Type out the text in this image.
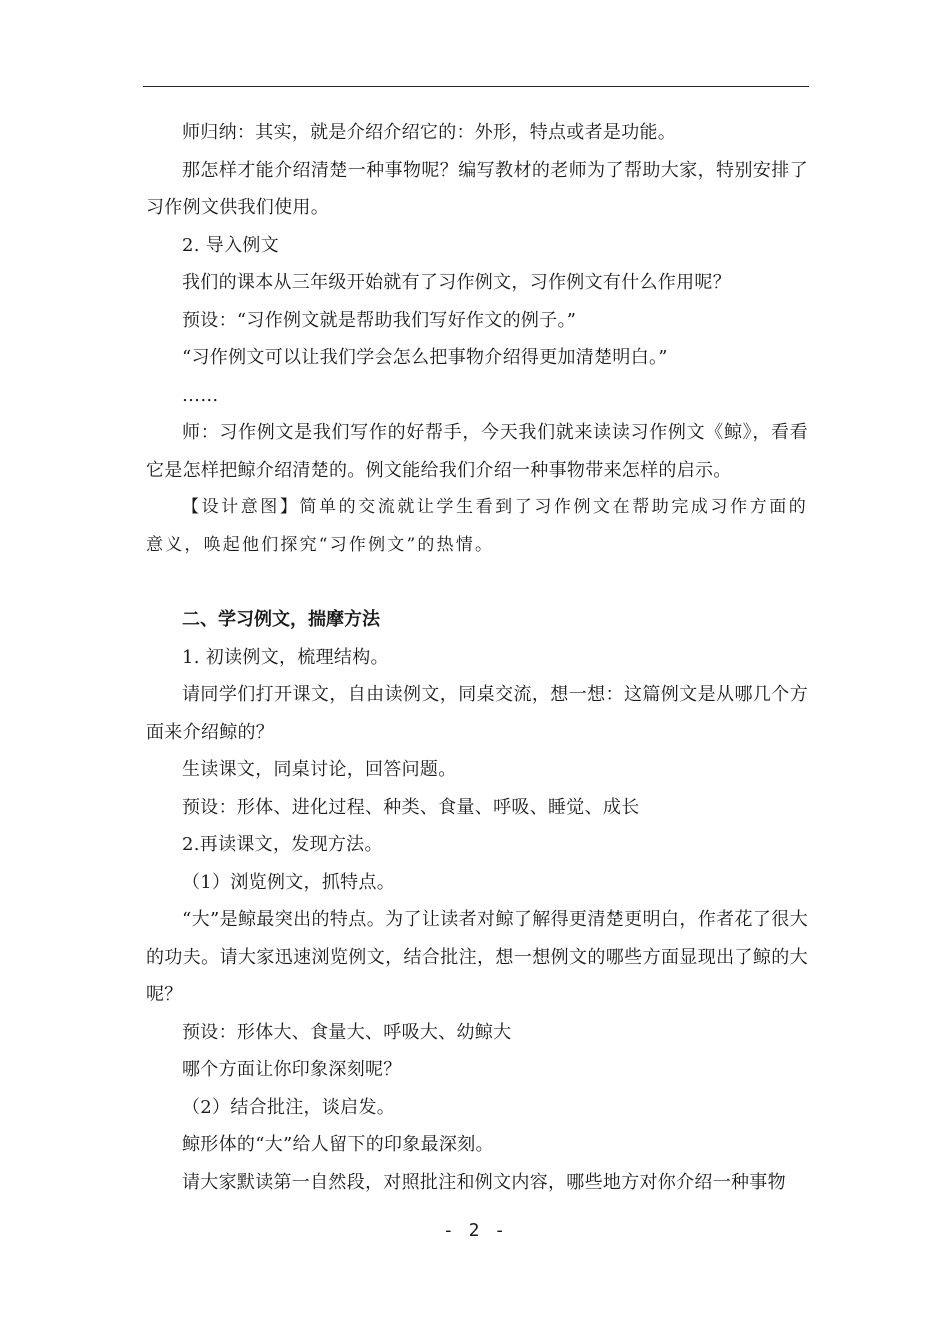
师归纳：其实，就是介绍介绍它的：外形，特点或者是功能。

那怎样才能介绍清楚一种事物呢？编写教材的老师为了帮助大家，特别安排了习作例文供我们使用。

2. 导入例文

我们的课本从三年级开始就有了习作例文，习作例文有什么作用呢？

预设：“习作例文就是帮助我们写好作文的例子。”

“习作例文可以让我们学会怎么把事物介绍得更加清楚明白。”

……

师：习作例文是我们写作的好帮手，今天我们就来读读习作例文《鲸》，看看它是怎样把鲸介绍清楚的。例文能给我们介绍一种事物带来怎样的启示。

【设计意图】简单的交流就让学生看到了习作例文在帮助完成习作方面的意义，唤起他们探究“习作例文”的热情。

二、学习例文，揣摩方法

1. 初读例文，梳理结构。

请同学们打开课文，自由读例文，同桌交流，想一想：这篇例文是从哪几个方面来介绍鲸的？

生读课文，同桌讨论，回答问题。

预设：形体、进化过程、种类、食量、呼吸、睡觉、成长

2.再读课文，发现方法。

（1）浏览例文，抓特点。

“大”是鲸最突出的特点。为了让读者对鲸了解得更清楚更明白，作者花了很大的功夫。请大家迅速浏览例文，结合批注，想一想例文的哪些方面显现出了鲸的大呢？

预设：形体大、食量大、呼吸大、幼鲸大

哪个方面让你印象深刻呢？

（2）结合批注，谈启发。

鲸形体的“大”给人留下的印象最深刻。

请大家默读第一自然段，对照批注和例文内容，哪些地方对你介绍一种事物

- 2 -
